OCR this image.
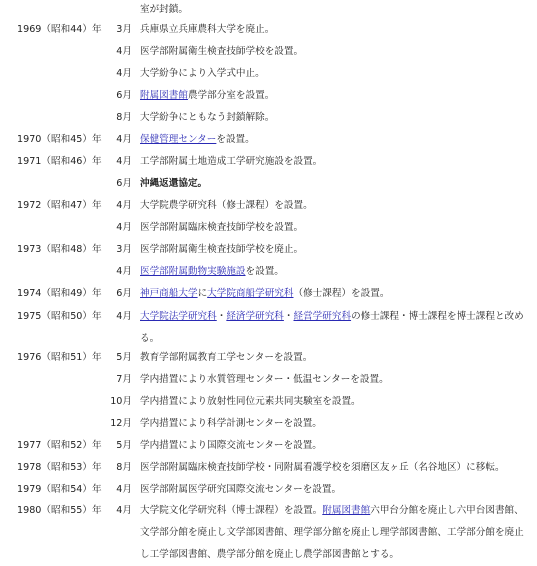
室が封鎖。
1969（昭和44） 年	3月 兵庫県立兵庫農科大学を廃止。
4月 医学部附属衛生検査技師学校を設置。
4月 大学紛争により入学式中止。
6月 附属図書館農学部分室を設置。
8月 大学紛争にともなう封鎖解除。
1970（昭和45） 年	4月 保健管理センターを設置。
1971（昭和46） 年	4月 工学部附属土地造成工学研究施設を設置。
6月 沖縄返還協定。
1972（昭和47） 年	4月 大学院農学研究科（修士課程）を設置。
4月 医学部附属臨床検査技師学校を設置。
1973（昭和48） 年	3月 医学部附属衛生検査技師学校を廃止。
4月 医学部附属動物実験施設を設置。
1974（昭和49） 年	6月 神戸商船大学に大学院商船学研究科（修士課程）を設置。
1975（昭和50） 年	4月 大学院法学研究科・経済学研究科・経営学研究科の修士課程・博士課程を博士課程と改める。
1976（昭和51） 年	5月 教育学部附属教育工学センターを設置。
7月 学内措置により水質管理センター・低温センターを設置。
10月 学内措置により放射性同位元素共同実験室を設置。
12月 学内措置により科学計測センターを設置。
1977（昭和52） 年	5月 学内措置により国際交流センターを設置。
1978（昭和53） 年	8月 医学部附属臨床検査技師学校・同附属看護学校を須磨区友ヶ丘（名谷地区）に移転。
1979（昭和54） 年	4月 医学部附属医学研究国際交流センターを設置。
1980（昭和55） 年	4月 大学院文化学研究科（博士課程）を設置。附属図書館六甲台分館を廃止し六甲台図書館、文学部分館を廃止し文学部図書館、理学部分館を廃止し理学部図書館、工学部分館を廃止し工学部図書館、農学部分館を廃止し農学部図書館とする。
